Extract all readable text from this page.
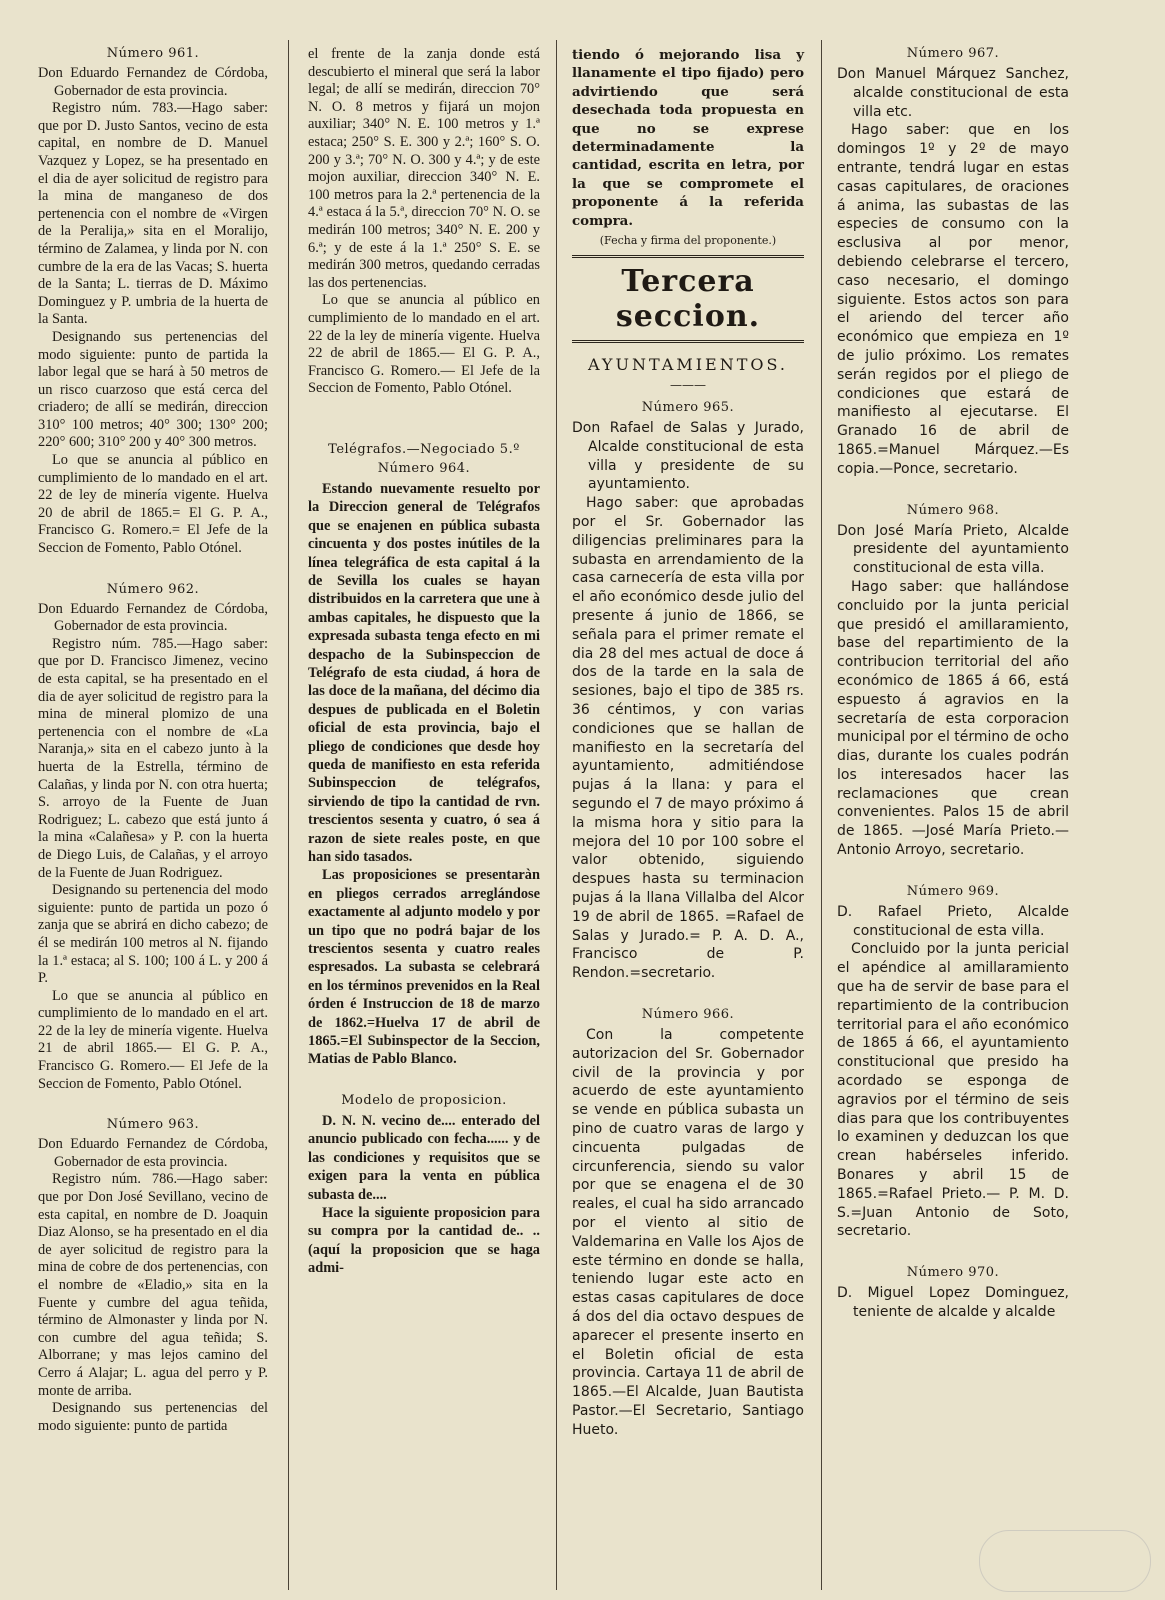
Número 961.

Don Eduardo Fernandez de Córdoba, Gobernador de esta provincia.

Registro núm. 783.—Hago saber: que por D. Justo Santos, vecino de esta capital, en nombre de D. Manuel Vazquez y Lopez, se ha presentado en el dia de ayer solicitud de registro para la mina de manganeso de dos pertenencia con el nombre de «Virgen de la Peralija,» sita en el Moralijo, término de Zalamea, y linda por N. con cumbre de la era de las Vacas; S. huerta de la Santa; L. tierras de D. Máximo Dominguez y P. umbria de la huerta de la Santa.

Designando sus pertenencias del modo siguiente: punto de partida la labor legal que se hará à 50 metros de un risco cuarzoso que está cerca del criadero; de allí se medirán, direccion 310° 100 metros; 40° 300; 130° 200; 220° 600; 310° 200 y 40° 300 metros.

Lo que se anuncia al público en cumplimiento de lo mandado en el art. 22 de ley de minería vigente. Huelva 20 de abril de 1865.= El G. P. A., Francisco G. Romero.= El Jefe de la Seccion de Fomento, Pablo Otónel.

Número 962.

Don Eduardo Fernandez de Córdoba, Gobernador de esta provincia.

Registro núm. 785.—Hago saber: que por D. Francisco Jimenez, vecino de esta capital, se ha presentado en el dia de ayer solicitud de registro para la mina de mineral plomizo de una pertenencia con el nombre de «La Naranja,» sita en el cabezo junto à la huerta de la Estrella, término de Calañas, y linda por N. con otra huerta; S. arroyo de la Fuente de Juan Rodriguez; L. cabezo que está junto á la mina «Calañesa» y P. con la huerta de Diego Luis, de Calañas, y el arroyo de la Fuente de Juan Rodriguez.

Designando su pertenencia del modo siguiente: punto de partida un pozo ó zanja que se abrirá en dicho cabezo; de él se medirán 100 metros al N. fijando la 1.ª estaca; al S. 100; 100 á L. y 200 á P.

Lo que se anuncia al público en cumplimiento de lo mandado en el art. 22 de la ley de minería vigente. Huelva 21 de abril 1865.— El G. P. A., Francisco G. Romero.— El Jefe de la Seccion de Fomento, Pablo Otónel.

Número 963.

Don Eduardo Fernandez de Córdoba, Gobernador de esta provincia.

Registro núm. 786.—Hago saber: que por Don José Sevillano, vecino de esta capital, en nombre de D. Joaquin Diaz Alonso, se ha presentado en el dia de ayer solicitud de registro para la mina de cobre de dos pertenencias, con el nombre de «Eladio,» sita en la Fuente y cumbre del agua teñida, término de Almonaster y linda por N. con cumbre del agua teñida; S. Alborrane; y mas lejos camino del Cerro á Alajar; L. agua del perro y P. monte de arriba.

Designando sus pertenencias del modo siguiente: punto de partida

el frente de la zanja donde está descubierto el mineral que será la labor legal; de allí se medirán, direccion 70° N. O. 8 metros y fijará un mojon auxiliar; 340° N. E. 100 metros y 1.ª estaca; 250° S. E. 300 y 2.ª; 160° S. O. 200 y 3.ª; 70° N. O. 300 y 4.ª; y de este mojon auxiliar, direccion 340° N. E. 100 metros para la 2.ª pertenencia de la 4.ª estaca á la 5.ª, direccion 70° N. O. se medirán 100 metros; 340° N. E. 200 y 6.ª; y de este á la 1.ª 250° S. E. se medirán 300 metros, quedando cerradas las dos pertenencias.

Lo que se anuncia al público en cumplimiento de lo mandado en el art. 22 de la ley de minería vigente. Huelva 22 de abril de 1865.— El G. P. A., Francisco G. Romero.— El Jefe de la Seccion de Fomento, Pablo Otónel.

Telégrafos.—Negociado 5.º
Número 964.

Estando nuevamente resuelto por la Direccion general de Telégrafos que se enajenen en pública subasta cincuenta y dos postes inútiles de la línea telegráfica de esta capital á la de Sevilla los cuales se hayan distribuidos en la carretera que une à ambas capitales, he dispuesto que la expresada subasta tenga efecto en mi despacho de la Subinspeccion de Telégrafo de esta ciudad, á hora de las doce de la mañana, del décimo dia despues de publicada en el Boletin oficial de esta provincia, bajo el pliego de condiciones que desde hoy queda de manifiesto en esta referida Subinspeccion de telégrafos, sirviendo de tipo la cantidad de rvn. trescientos sesenta y cuatro, ó sea á razon de siete reales poste, en que han sido tasados.

Las proposiciones se presentaràn en pliegos cerrados arreglándose exactamente al adjunto modelo y por un tipo que no podrá bajar de los trescientos sesenta y cuatro reales espresados. La subasta se celebrará en los términos prevenidos en la Real órden é Instruccion de 18 de marzo de 1862.=Huelva 17 de abril de 1865.=El Subinspector de la Seccion, Matias de Pablo Blanco.

Modelo de proposicion.

D. N. N. vecino de.... enterado del anuncio publicado con fecha...... y de las condiciones y requisitos que se exigen para la venta en pública subasta de....

Hace la siguiente proposicion para su compra por la cantidad de.. .. (aquí la proposicion que se haga admi-

tiendo ó mejorando lisa y llanamente el tipo fijado) pero advirtiendo que será desechada toda propuesta en que no se exprese determinadamente la cantidad, escrita en letra, por la que se compromete el proponente á la referida compra.

(Fecha y firma del proponente.)
Tercera seccion.
AYUNTAMIENTOS.
———
Número 965.

Don Rafael de Salas y Jurado, Alcalde constitucional de esta villa y presidente de su ayuntamiento.

Hago saber: que aprobadas por el Sr. Gobernador las diligencias preliminares para la subasta en arrendamiento de la casa carnecería de esta villa por el año económico desde julio del presente á junio de 1866, se señala para el primer remate el dia 28 del mes actual de doce á dos de la tarde en la sala de sesiones, bajo el tipo de 385 rs. 36 céntimos, y con varias condiciones que se hallan de manifiesto en la secretaría del ayuntamiento, admitiéndose pujas á la llana: y para el segundo el 7 de mayo próximo á la misma hora y sitio para la mejora del 10 por 100 sobre el valor obtenido, siguiendo despues hasta su terminacion pujas á la llana Villalba del Alcor 19 de abril de 1865. =Rafael de Salas y Jurado.= P. A. D. A., Francisco de P. Rendon.=secretario.

Número 966.

Con la competente autorizacion del Sr. Gobernador civil de la provincia y por acuerdo de este ayuntamiento se vende en pública subasta un pino de cuatro varas de largo y cincuenta pulgadas de circunferencia, siendo su valor por que se enagena el de 30 reales, el cual ha sido arrancado por el viento al sitio de Valdemarina en Valle los Ajos de este término en donde se halla, teniendo lugar este acto en estas casas capitulares de doce á dos del dia octavo despues de aparecer el presente inserto en el Boletin oficial de esta provincia. Cartaya 11 de abril de 1865.—El Alcalde, Juan Bautista Pastor.—El Secretario, Santiago Hueto.

Número 967.

Don Manuel Márquez Sanchez, alcalde constitucional de esta villa etc.

Hago saber: que en los domingos 1º y 2º de mayo entrante, tendrá lugar en estas casas capitulares, de oraciones á anima, las subastas de las especies de consumo con la esclusiva al por menor, debiendo celebrarse el tercero, caso necesario, el domingo siguiente. Estos actos son para el ariendo del tercer año económico que empieza en 1º de julio próximo. Los remates serán regidos por el pliego de condiciones que estará de manifiesto al ejecutarse. El Granado 16 de abril de 1865.=Manuel Márquez.—Es copia.—Ponce, secretario.

Número 968.

Don José María Prieto, Alcalde presidente del ayuntamiento constitucional de esta villa.

Hago saber: que hallándose concluido por la junta pericial que presidó el amillaramiento, base del repartimiento de la contribucion territorial del año económico de 1865 á 66, está espuesto á agravios en la secretaría de esta corporacion municipal por el término de ocho dias, durante los cuales podrán los interesados hacer las reclamaciones que crean convenientes. Palos 15 de abril de 1865. —José María Prieto.—Antonio Arroyo, secretario.

Número 969.

D. Rafael Prieto, Alcalde constitucional de esta villa.

Concluido por la junta pericial el apéndice al amillaramiento que ha de servir de base para el repartimiento de la contribucion territorial para el año económico de 1865 á 66, el ayuntamiento constitucional que presido ha acordado se esponga de agravios por el término de seis dias para que los contribuyentes lo examinen y deduzcan los que crean habérseles inferido. Bonares y abril 15 de 1865.=Rafael Prieto.— P. M. D. S.=Juan Antonio de Soto, secretario.

Número 970.

D. Miguel Lopez Dominguez, teniente de alcalde y alcalde
